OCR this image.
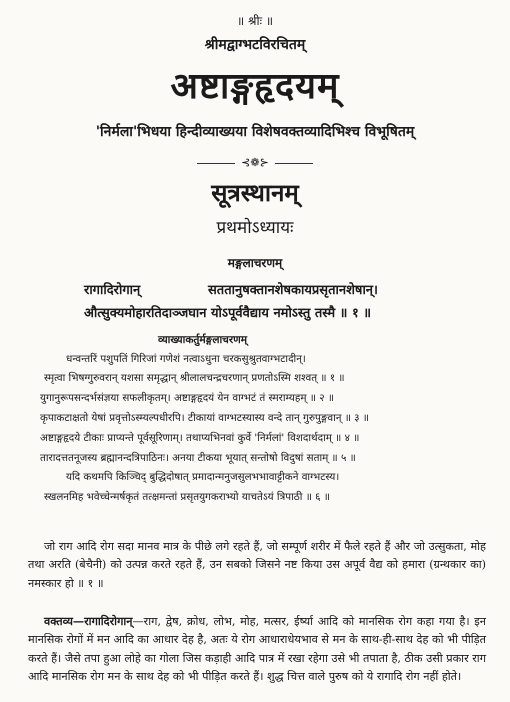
॥ श्रीः ॥
श्रीमद्वाग्भटविरचितम्
अष्टाङ्गहृदयम्
'निर्मला'भिधया हिन्दीव्याख्यया विशेषवक्तव्यादिभिश्च विभूषितम्
⊰❁⊱
सूत्रस्थानम्
प्रथमोऽध्यायः
मङ्गलाचरणम्
रागादिरोगान्	सततानुषक्तानशेषकायप्रसृतानशेषान्।
औत्सुक्यमोहारतिदाञ्जघान योऽपूर्ववैद्याय नमोऽस्तु तस्मै ॥ १ ॥
व्याख्याकर्तुर्मङ्गलाचरणम्
धन्वन्तरिं पशुपतिं गिरिजां गणेशं नत्वाऽधुना चरकसुश्रुतवाग्भटादीन्।
स्मृत्वा भिषग्गुरुवरान् यशसा समृद्धान् श्रीलालचन्द्रचरणान् प्रणतोऽस्मि शश्वत् ॥ १ ॥
युगानुरूपसन्दर्भसंज्ञया सफलीकृतम्। अष्टाङ्गहृदयं येन वाग्भटं तं स्मराम्यहम् ॥ २ ॥
कृपाकटाक्षतो येषां प्रवृत्तोऽस्म्यल्पधीरपि। टीकायां वाग्भटस्यास्य वन्दे तान् गुरुपुङ्गवान् ॥ ३ ॥
अष्टाङ्गहृदये टीकाः प्राप्यन्ते पूर्वसूरिणाम्। तथाप्यभिनवां कुर्वे 'निर्मलां' विशदार्थदाम् ॥ ४ ॥
तारादत्ततनूजस्य ब्रह्मानन्दत्रिपाठिनः। अनया टीकया भूयात् सन्तोषो विदुषां सताम् ॥ ५ ॥
यदि कथमपि किञ्चिद् बुद्धिदोषात् प्रमादान्मनुजसुलभभावाट्टीकने वाग्भटस्य।
स्खलनमिह भवेच्चेन्मर्षकृतं तत्क्षमन्तां प्रसृतयुगकराभ्यो याचतेऽयं त्रिपाठी ॥ ६ ॥

जो राग आदि रोग सदा मानव मात्र के पीछे लगे रहते हैं, जो सम्पूर्ण शरीर में फैले रहते हैं और जो उत्सुकता, मोह तथा अरति (बेचैनी) को उत्पन्न करते रहते हैं, उन सबको जिसने नष्ट किया उस अपूर्व वैद्य को हमारा (ग्रन्थकार का) नमस्कार हो ॥ १ ॥

वक्तव्य—रागादिरोगान्—राग, द्वेष, क्रोध, लोभ, मोह, मत्सर, ईर्ष्या आदि को मानसिक रोग कहा गया है। इन मानसिक रोगों में मन आदि का आधार देह है, अतः ये रोग आधाराधेयभाव से मन के साथ-ही-साथ देह को भी पीड़ित करते हैं। जैसे तपा हुआ लोहे का गोला जिस कड़ाही आदि पात्र में रखा रहेगा उसे भी तपाता है, ठीक उसी प्रकार राग आदि मानसिक रोग मन के साथ देह को भी पीड़ित करते हैं। शुद्ध चित्त वाले पुरुष को ये रागादि रोग नहीं होते।
